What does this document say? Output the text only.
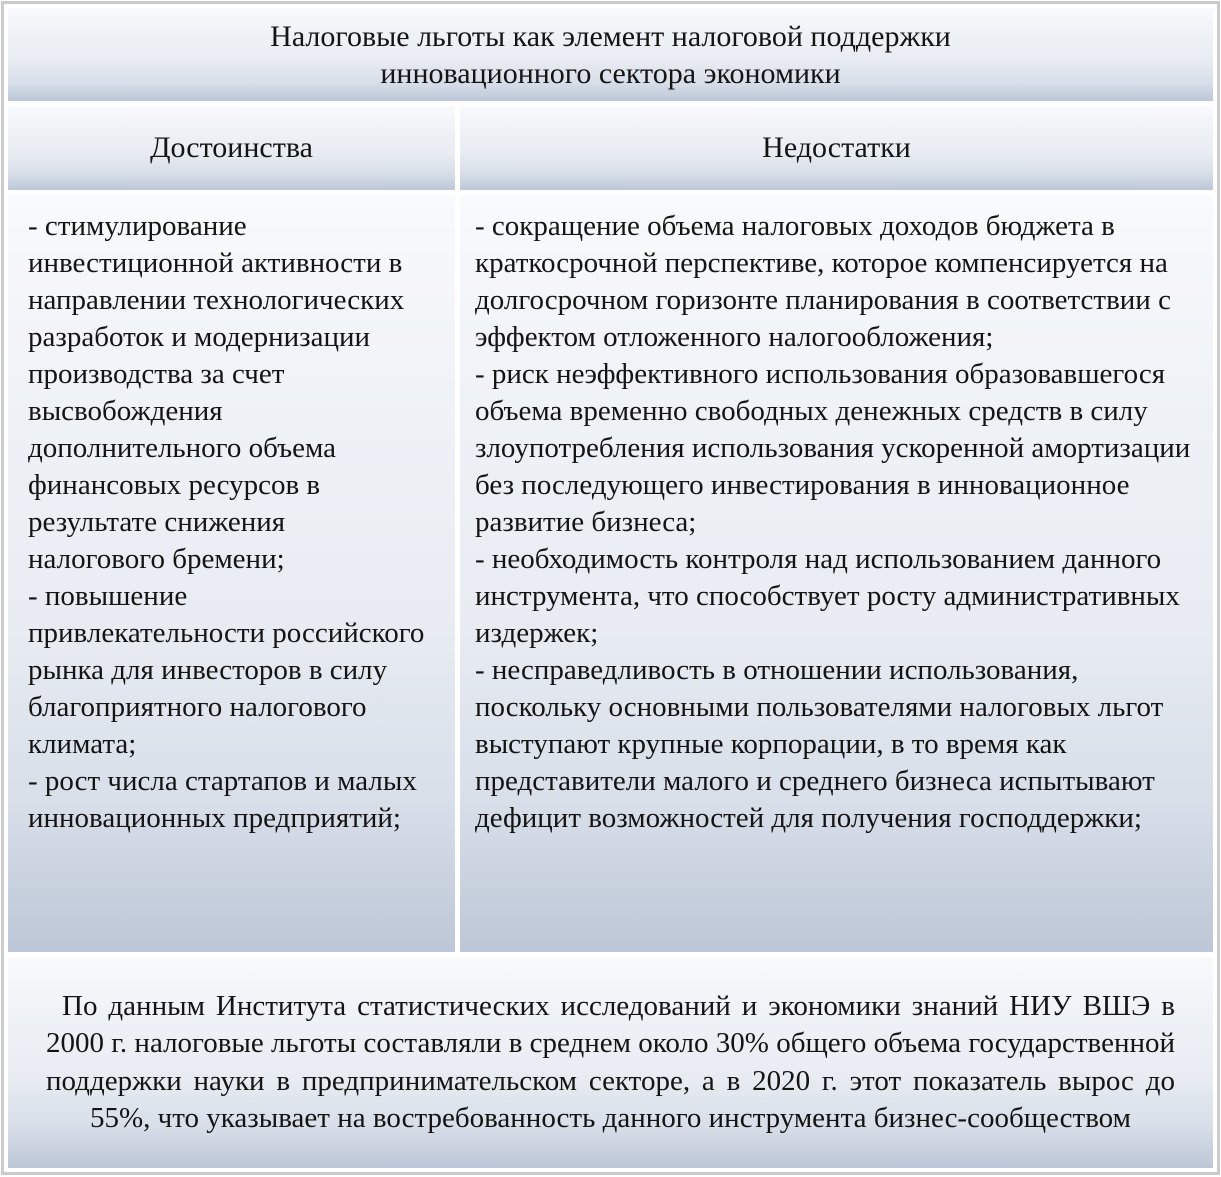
Налоговые льготы как элемент налоговой поддержки инновационного сектора экономики
Достоинства	Недостатки

- стимулирование инвестиционной активности в направлении технологических разработок и модернизации производства за счет высвобождения дополнительного объема финансовых ресурсов в результате снижения налогового бремени;

- повышение привлекательности российского рынка для инвесторов в силу благоприятного налогового климата;

- рост числа стартапов и малых инновационных предприятий;

- сокращение объема налоговых доходов бюджета в краткосрочной перспективе, которое компенсируется на долгосрочном горизонте планирования в соответствии с эффектом отложенного налогообложения;

- риск неэффективного использования образовавшегося объема временно свободных денежных средств в силу злоупотребления использования ускоренной амортизации без последующего инвестирования в инновационное развитие бизнеса;

- необходимость контроля над использованием данного инструмента, что способствует росту административных издержек;

- несправедливость в отношении использования, поскольку основными пользователями налоговых льгот выступают крупные корпорации, в то время как представители малого и среднего бизнеса испытывают дефицит возможностей для получения господдержки;

По данным Института статистических исследований и экономики знаний НИУ ВШЭ в 2000 г. налоговые льготы составляли в среднем около 30% общего объема государственной поддержки науки в предпринимательском секторе, а в 2020 г. этот показатель вырос до 55%, что указывает на востребованность данного инструмента бизнес-сообществом
